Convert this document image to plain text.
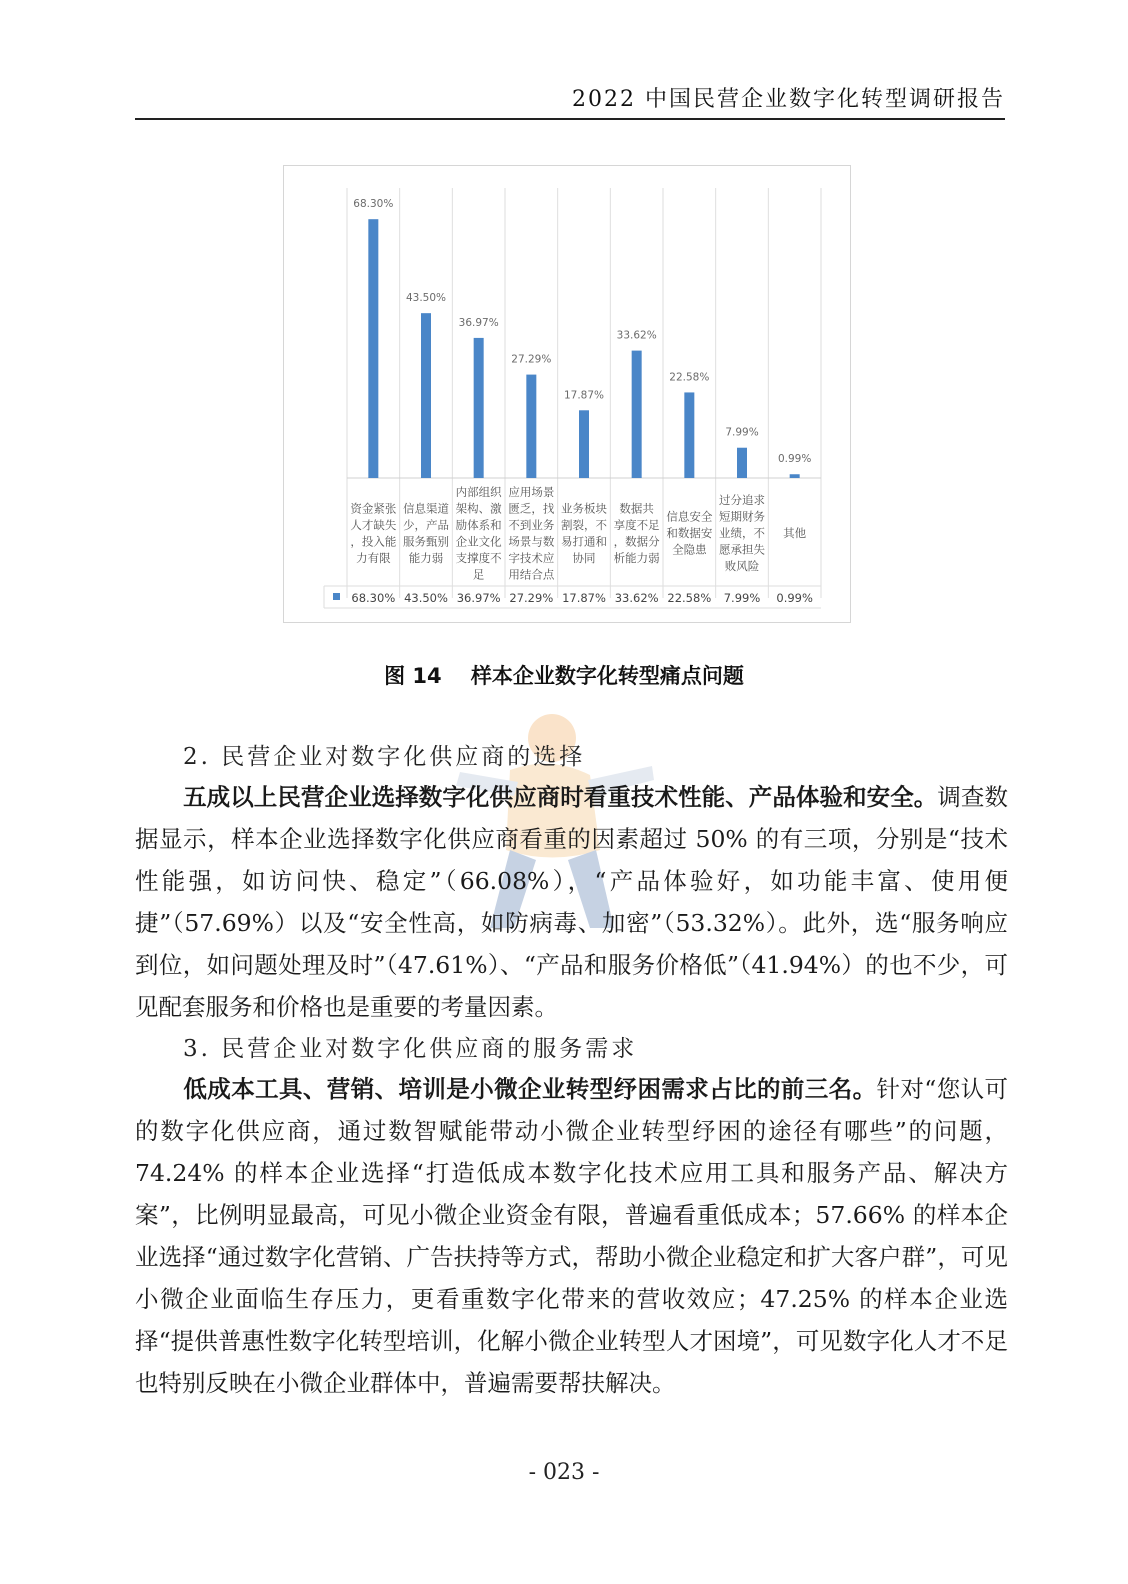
2022 中国民营企业数字化转型调研报告
68.30%
资金紧张
人才缺失
，投入能
力有限
68.30%
43.50%
信息渠道
少，产品
服务甄别
能力弱
43.50%
36.97%
内部组织
架构、激
励体系和
企业文化
支撑度不
足
36.97%
27.29%
应用场景
匮乏，找
不到业务
场景与数
字技术应
用结合点
27.29%
17.87%
业务板块
割裂，不
易打通和
协同
17.87%
33.62%
数据共
享度不足
，数据分
析能力弱
33.62%
22.58%
信息安全
和数据安
全隐患
22.58%
7.99%
过分追求
短期财务
业绩，不
愿承担失
败风险
7.99%
0.99%
其他
0.99%
图 14    样本企业数字化转型痛点问题
2. 民营企业对数字化供应商的选择
五成以上民营企业选择数字化供应商时看重技术性能、产品体验和安全。调查数据显示，样本企业选择数字化供应商看重的因素超过 50% 的有三项，分别是“技术性能强，如访问快、稳定”（66.08%），“产品体验好，如功能丰富、使用便捷”（57.69%）以及“安全性高，如防病毒、加密”（53.32%）。此外，选“服务响应到位，如问题处理及时”（47.61%）、“产品和服务价格低”（41.94%）的也不少，可见配套服务和价格也是重要的考量因素。
3. 民营企业对数字化供应商的服务需求
低成本工具、营销、培训是小微企业转型纾困需求占比的前三名。针对“您认可的数字化供应商，通过数智赋能带动小微企业转型纾困的途径有哪些”的问题，74.24% 的样本企业选择“打造低成本数字化技术应用工具和服务产品、解决方案”，比例明显最高，可见小微企业资金有限，普遍看重低成本；57.66% 的样本企业选择“通过数字化营销、广告扶持等方式，帮助小微企业稳定和扩大客户群”，可见小微企业面临生存压力，更看重数字化带来的营收效应；47.25% 的样本企业选择“提供普惠性数字化转型培训，化解小微企业转型人才困境”，可见数字化人才不足也特别反映在小微企业群体中，普遍需要帮扶解决。
- 023 -
